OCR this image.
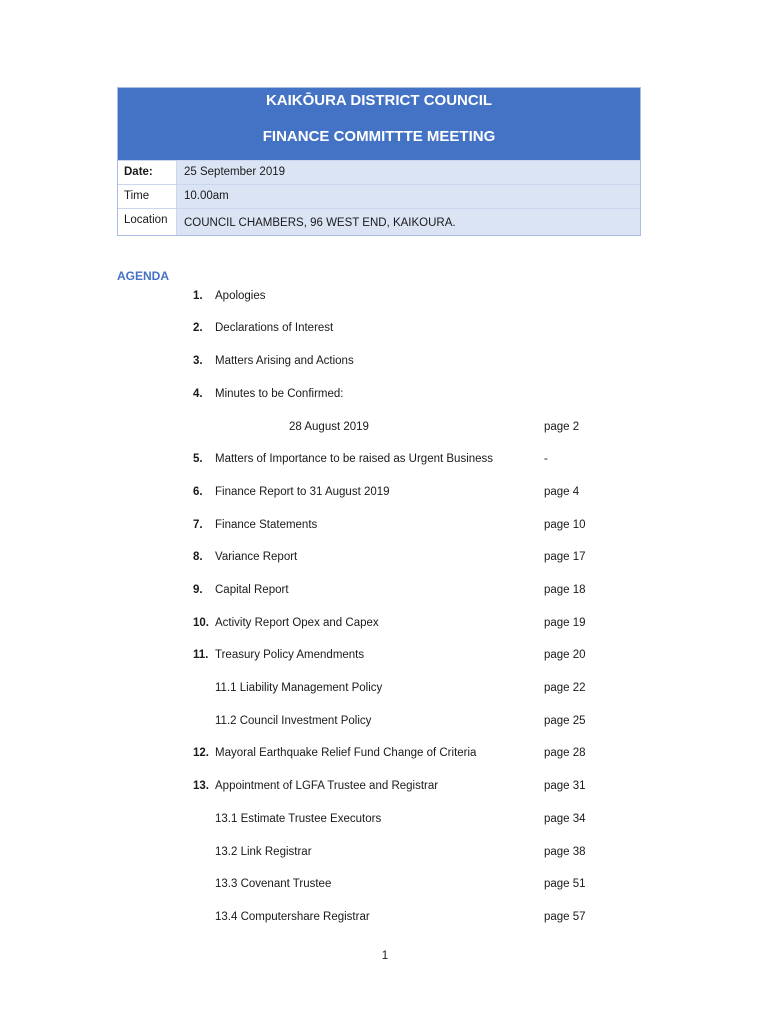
KAIKŌURA DISTRICT COUNCIL
FINANCE COMMITTTE MEETING
Date:	25 September 2019
Time	10.00am
Location	COUNCIL CHAMBERS, 96 WEST END, KAIKOURA.
AGENDA
1. Apologies
2. Declarations of Interest
3. Matters Arising and Actions
4. Minutes to be Confirmed:
28 August 2019	page 2
5. Matters of Importance to be raised as Urgent Business	-
6. Finance Report to 31 August 2019	page 4
7. Finance Statements	page 10
8. Variance Report	page 17
9. Capital Report	page 18
10. Activity Report Opex and Capex	page 19
11. Treasury Policy Amendments	page 20
11.1 Liability Management Policy	page 22
11.2 Council Investment Policy	page 25
12. Mayoral Earthquake Relief Fund Change of Criteria	page 28
13. Appointment of LGFA Trustee and Registrar	page 31
13.1 Estimate Trustee Executors	page 34
13.2 Link Registrar	page 38
13.3 Covenant Trustee	page 51
13.4 Computershare Registrar	page 57
1
